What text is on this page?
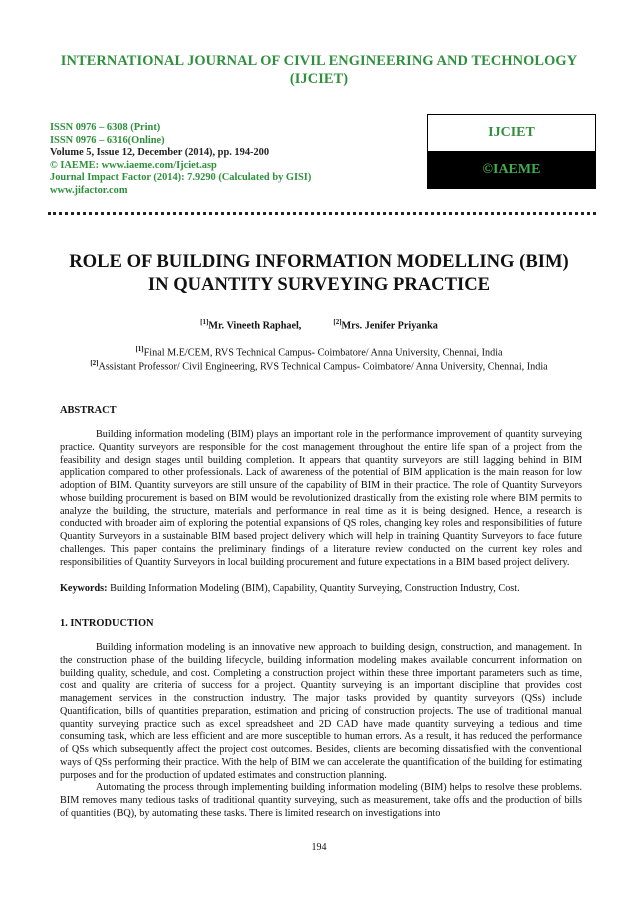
INTERNATIONAL JOURNAL OF CIVIL ENGINEERING AND TECHNOLOGY (IJCIET)
ISSN 0976 – 6308 (Print)
ISSN 0976 – 6316(Online)
Volume 5, Issue 12, December (2014), pp. 194-200
© IAEME: www.iaeme.com/Ijciet.asp
Journal Impact Factor (2014): 7.9290 (Calculated by GISI)
www.jifactor.com
IJCIET
©IAEME
ROLE OF BUILDING INFORMATION MODELLING (BIM)
IN QUANTITY SURVEYING PRACTICE
[1]Mr. Vineeth Raphael,	[2]Mrs. Jenifer Priyanka
[1]Final M.E/CEM, RVS Technical Campus- Coimbatore/ Anna University, Chennai, India
[2]Assistant Professor/ Civil Engineering, RVS Technical Campus- Coimbatore/ Anna University, Chennai, India
ABSTRACT

Building information modeling (BIM) plays an important role in the performance improvement of quantity surveying practice. Quantity surveyors are responsible for the cost management throughout the entire life span of a project from the feasibility and design stages until building completion. It appears that quantity surveyors are still lagging behind in BIM application compared to other professionals. Lack of awareness of the potential of BIM application is the main reason for low adoption of BIM. Quantity surveyors are still unsure of the capability of BIM in their practice. The role of Quantity Surveyors whose building procurement is based on BIM would be revolutionized drastically from the existing role where BIM permits to analyze the building, the structure, materials and performance in real time as it is being designed. Hence, a research is conducted with broader aim of exploring the potential expansions of QS roles, changing key roles and responsibilities of future Quantity Surveyors in a sustainable BIM based project delivery which will help in training Quantity Surveyors to face future challenges. This paper contains the preliminary findings of a literature review conducted on the current key roles and responsibilities of Quantity Surveyors in local building procurement and future expectations in a BIM based project delivery.

Keywords: Building Information Modeling (BIM), Capability, Quantity Surveying, Construction Industry, Cost.
1. INTRODUCTION

Building information modeling is an innovative new approach to building design, construction, and management. In the construction phase of the building lifecycle, building information modeling makes available concurrent information on building quality, schedule, and cost. Completing a construction project within these three important parameters such as time, cost and quality are criteria of success for a project. Quantity surveying is an important discipline that provides cost management services in the construction industry. The major tasks provided by quantity surveyors (QSs) include Quantification, bills of quantities preparation, estimation and pricing of construction projects. The use of traditional manual quantity surveying practice such as excel spreadsheet and 2D CAD have made quantity surveying a tedious and time consuming task, which are less efficient and are more susceptible to human errors. As a result, it has reduced the performance of QSs which subsequently affect the project cost outcomes. Besides, clients are becoming dissatisfied with the conventional ways of QSs performing their practice. With the help of BIM we can accelerate the quantification of the building for estimating purposes and for the production of updated estimates and construction planning.

Automating the process through implementing building information modeling (BIM) helps to resolve these problems. BIM removes many tedious tasks of traditional quantity surveying, such as measurement, take offs and the production of bills of quantities (BQ), by automating these tasks. There is limited research on investigations into

194
